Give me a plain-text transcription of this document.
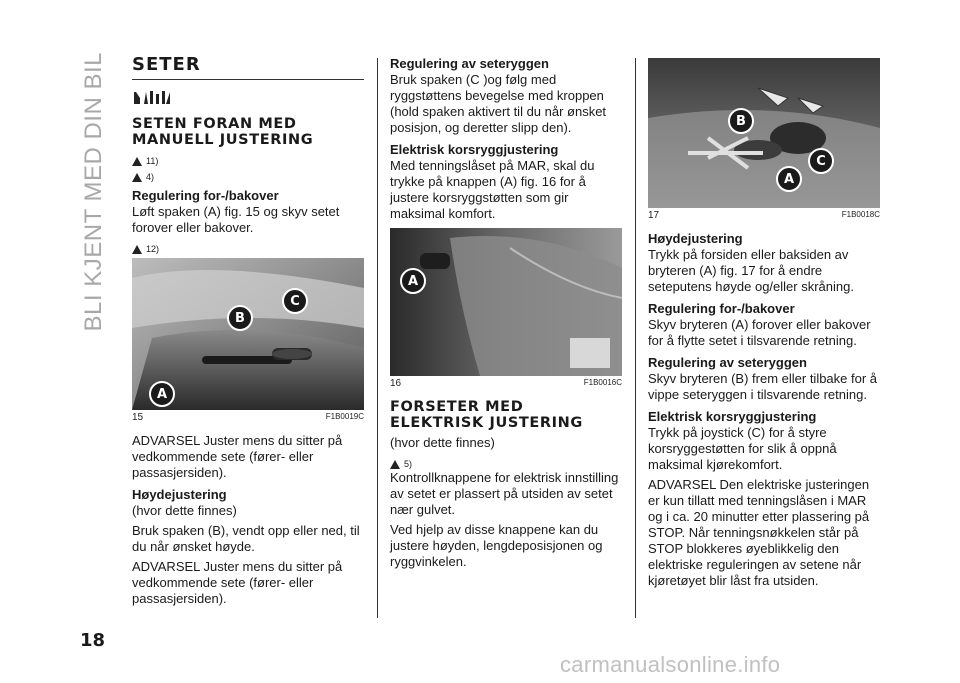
BLI KJENT MED DIN BIL SETER
SETEN FORAN MED
MANUELL JUSTERING
11)
4)
Regulering for-/bakover

Løft spaken (A) fig. 15 og skyv setet forover eller bakover.

12)
B
C
A
15	F1B0019C

ADVARSEL Juster mens du sitter på vedkommende sete (fører- eller passasjersiden).

Høydejustering

(hvor dette finnes)

Bruk spaken (B), vendt opp eller ned, til du når ønsket høyde.

ADVARSEL Juster mens du sitter på vedkommende sete (fører- eller passasjersiden).

Regulering av seteryggen

Bruk spaken (C )og følg med ryggstøttens bevegelse med kroppen (hold spaken aktivert til du når ønsket posisjon, og deretter slipp den).

Elektrisk korsryggjustering

Med tenningslåset på MAR, skal du trykke på knappen (A) fig. 16 for å justere korsryggstøtten som gir maksimal komfort.

A
16	F1B0016C
FORSETER MED
ELEKTRISK JUSTERING

(hvor dette finnes)

5)

Kontrollknappene for elektrisk innstilling av setet er plassert på utsiden av setet nær gulvet.

Ved hjelp av disse knappene kan du justere høyden, lengdeposisjonen og ryggvinkelen.

B
C
A
17	F1B0018C
Høydejustering

Trykk på forsiden eller baksiden av bryteren (A) fig. 17 for å endre seteputens høyde og/eller skråning.

Regulering for-/bakover

Skyv bryteren (A) forover eller bakover for å flytte setet i tilsvarende retning.

Regulering av seteryggen

Skyv bryteren (B) frem eller tilbake for å vippe seteryggen i tilsvarende retning.

Elektrisk korsryggjustering

Trykk på joystick (C) for å styre korsryggestøtten for slik å oppnå maksimal kjørekomfort.

ADVARSEL Den elektriske justeringen er kun tillatt med tenningslåsen i MAR og i ca. 20 minutter etter plassering på STOP. Når tenningsnøkkelen står på STOP blokkeres øyeblikkelig den elektriske reguleringen av setene når kjøretøyet blir låst fra utsiden.

18
carmanualsonline.info
